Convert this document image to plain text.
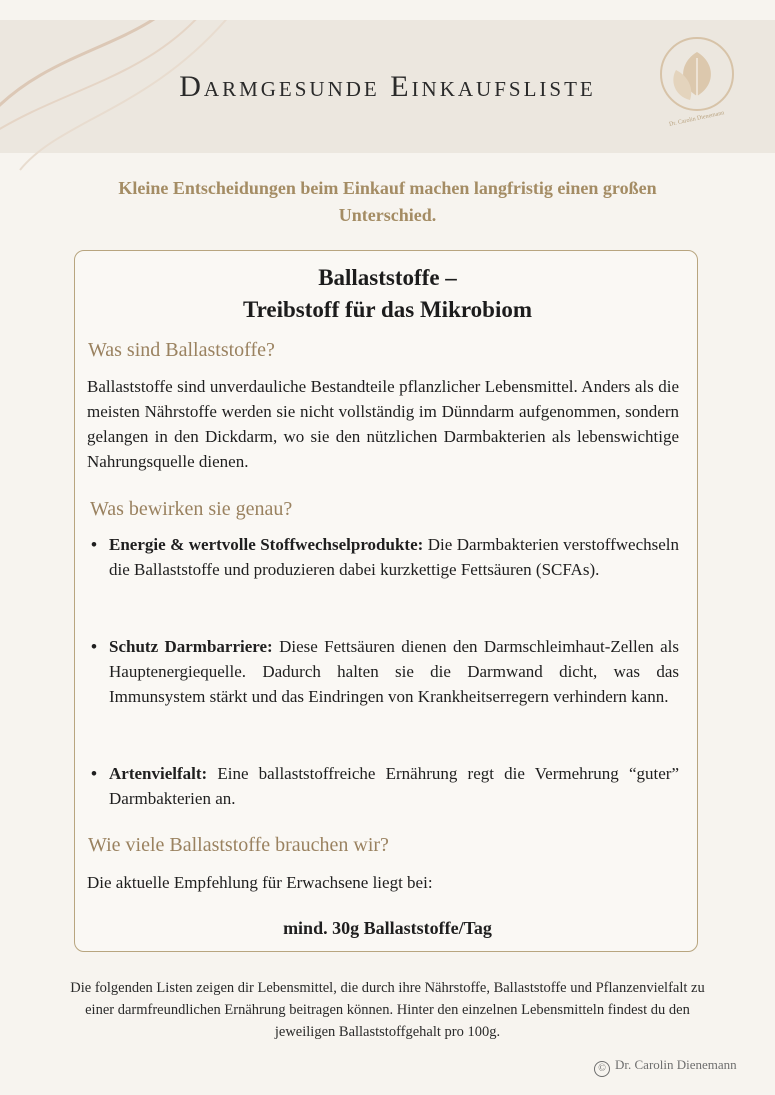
Darmgesunde Einkaufsliste
Dr. Carolin Dienemann
Kleine Entscheidungen beim Einkauf machen langfristig einen großen Unterschied.
Ballaststoffe –
Treibstoff für das Mikrobiom
Was sind Ballaststoffe?
Ballaststoffe sind unverdauliche Bestandteile pflanzlicher Lebensmittel. Anders als die meisten Nährstoffe werden sie nicht vollständig im Dünndarm aufgenommen, sondern gelangen in den Dickdarm, wo sie den nützlichen Darmbakterien als lebenswichtige Nahrungsquelle dienen.
Was bewirken sie genau?
• Energie & wertvolle Stoffwechselprodukte: Die Darmbakterien verstoffwechseln die Ballaststoffe und produzieren dabei kurzkettige Fettsäuren (SCFAs).
• Schutz Darmbarriere: Diese Fettsäuren dienen den Darmschleimhaut-Zellen als Hauptenergiequelle. Dadurch halten sie die Darmwand dicht, was das Immunsystem stärkt und das Eindringen von Krankheitserregern verhindern kann.
• Artenvielfalt: Eine ballaststoffreiche Ernährung regt die Vermehrung “guter” Darmbakterien an.
Wie viele Ballaststoffe brauchen wir?
Die aktuelle Empfehlung für Erwachsene liegt bei:
mind. 30g Ballaststoffe/Tag
Die folgenden Listen zeigen dir Lebensmittel, die durch ihre Nährstoffe, Ballaststoffe und Pflanzenvielfalt zu einer darmfreundlichen Ernährung beitragen können. Hinter den einzelnen Lebensmitteln findest du den jeweiligen Ballaststoffgehalt pro 100g.
© Dr. Carolin Dienemann
